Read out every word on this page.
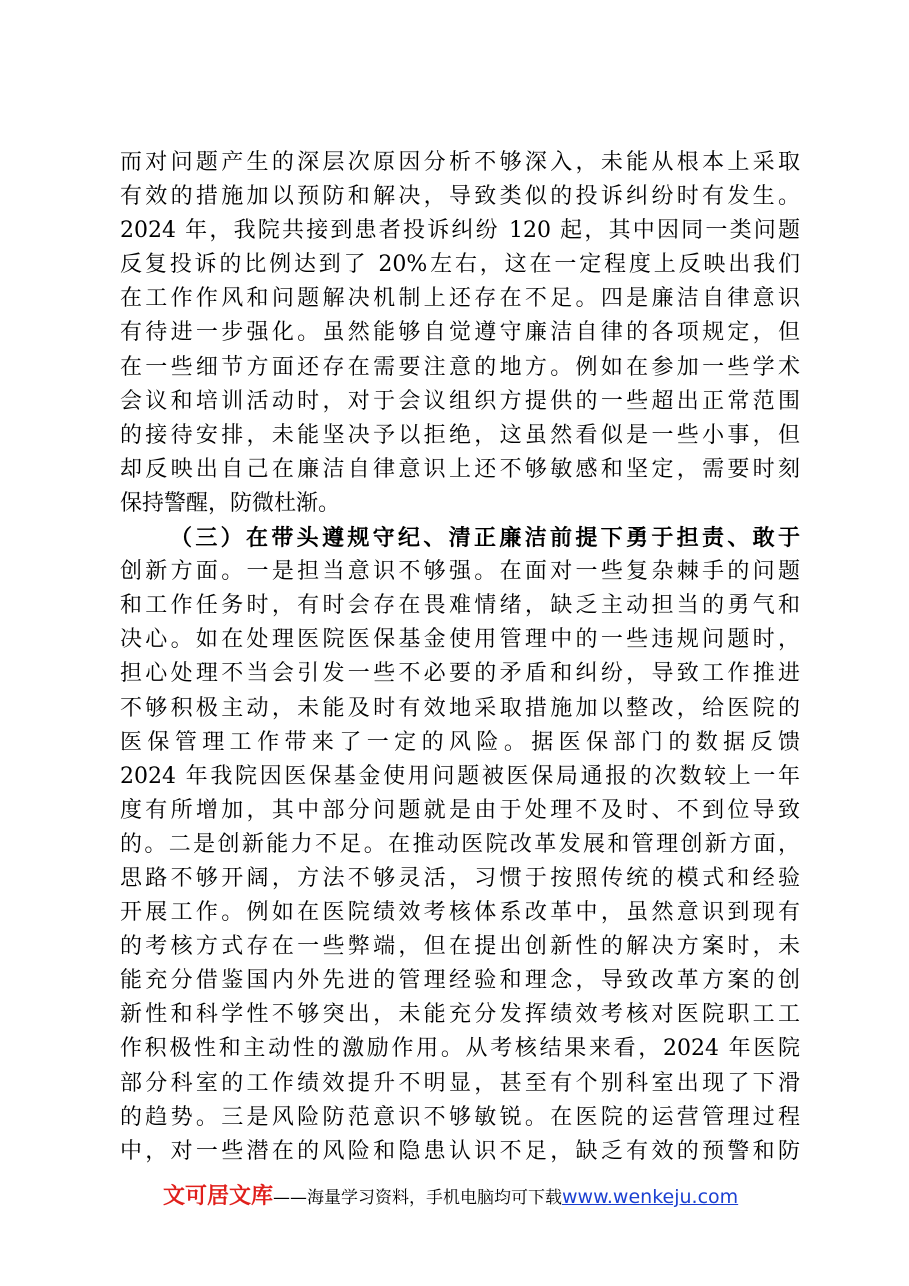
而对问题产生的深层次原因分析不够深入，未能从根本上采取
有效的措施加以预防和解决，导致类似的投诉纠纷时有发生。
2024 年，我院共接到患者投诉纠纷 120 起，其中因同一类问题
反复投诉的比例达到了 20%左右，这在一定程度上反映出我们
在工作作风和问题解决机制上还存在不足。四是廉洁自律意识
有待进一步强化。虽然能够自觉遵守廉洁自律的各项规定，但
在一些细节方面还存在需要注意的地方。例如在参加一些学术
会议和培训活动时，对于会议组织方提供的一些超出正常范围
的接待安排，未能坚决予以拒绝，这虽然看似是一些小事，但
却反映出自己在廉洁自律意识上还不够敏感和坚定，需要时刻
保持警醒，防微杜渐。
（三）在带头遵规守纪、清正廉洁前提下勇于担责、敢于
创新方面。一是担当意识不够强。在面对一些复杂棘手的问题
和工作任务时，有时会存在畏难情绪，缺乏主动担当的勇气和
决心。如在处理医院医保基金使用管理中的一些违规问题时，
担心处理不当会引发一些不必要的矛盾和纠纷，导致工作推进
不够积极主动，未能及时有效地采取措施加以整改，给医院的
医保管理工作带来了一定的风险。据医保部门的数据反馈
2024 年我院因医保基金使用问题被医保局通报的次数较上一年
度有所增加，其中部分问题就是由于处理不及时、不到位导致
的。二是创新能力不足。在推动医院改革发展和管理创新方面，
思路不够开阔，方法不够灵活，习惯于按照传统的模式和经验
开展工作。例如在医院绩效考核体系改革中，虽然意识到现有
的考核方式存在一些弊端，但在提出创新性的解决方案时，未
能充分借鉴国内外先进的管理经验和理念，导致改革方案的创
新性和科学性不够突出，未能充分发挥绩效考核对医院职工工
作积极性和主动性的激励作用。从考核结果来看，2024 年医院
部分科室的工作绩效提升不明显，甚至有个别科室出现了下滑
的趋势。三是风险防范意识不够敏锐。在医院的运营管理过程
中，对一些潜在的风险和隐患认识不足，缺乏有效的预警和防
文可居文库——海量学习资料，手机电脑均可下载www.wenkeju.com
